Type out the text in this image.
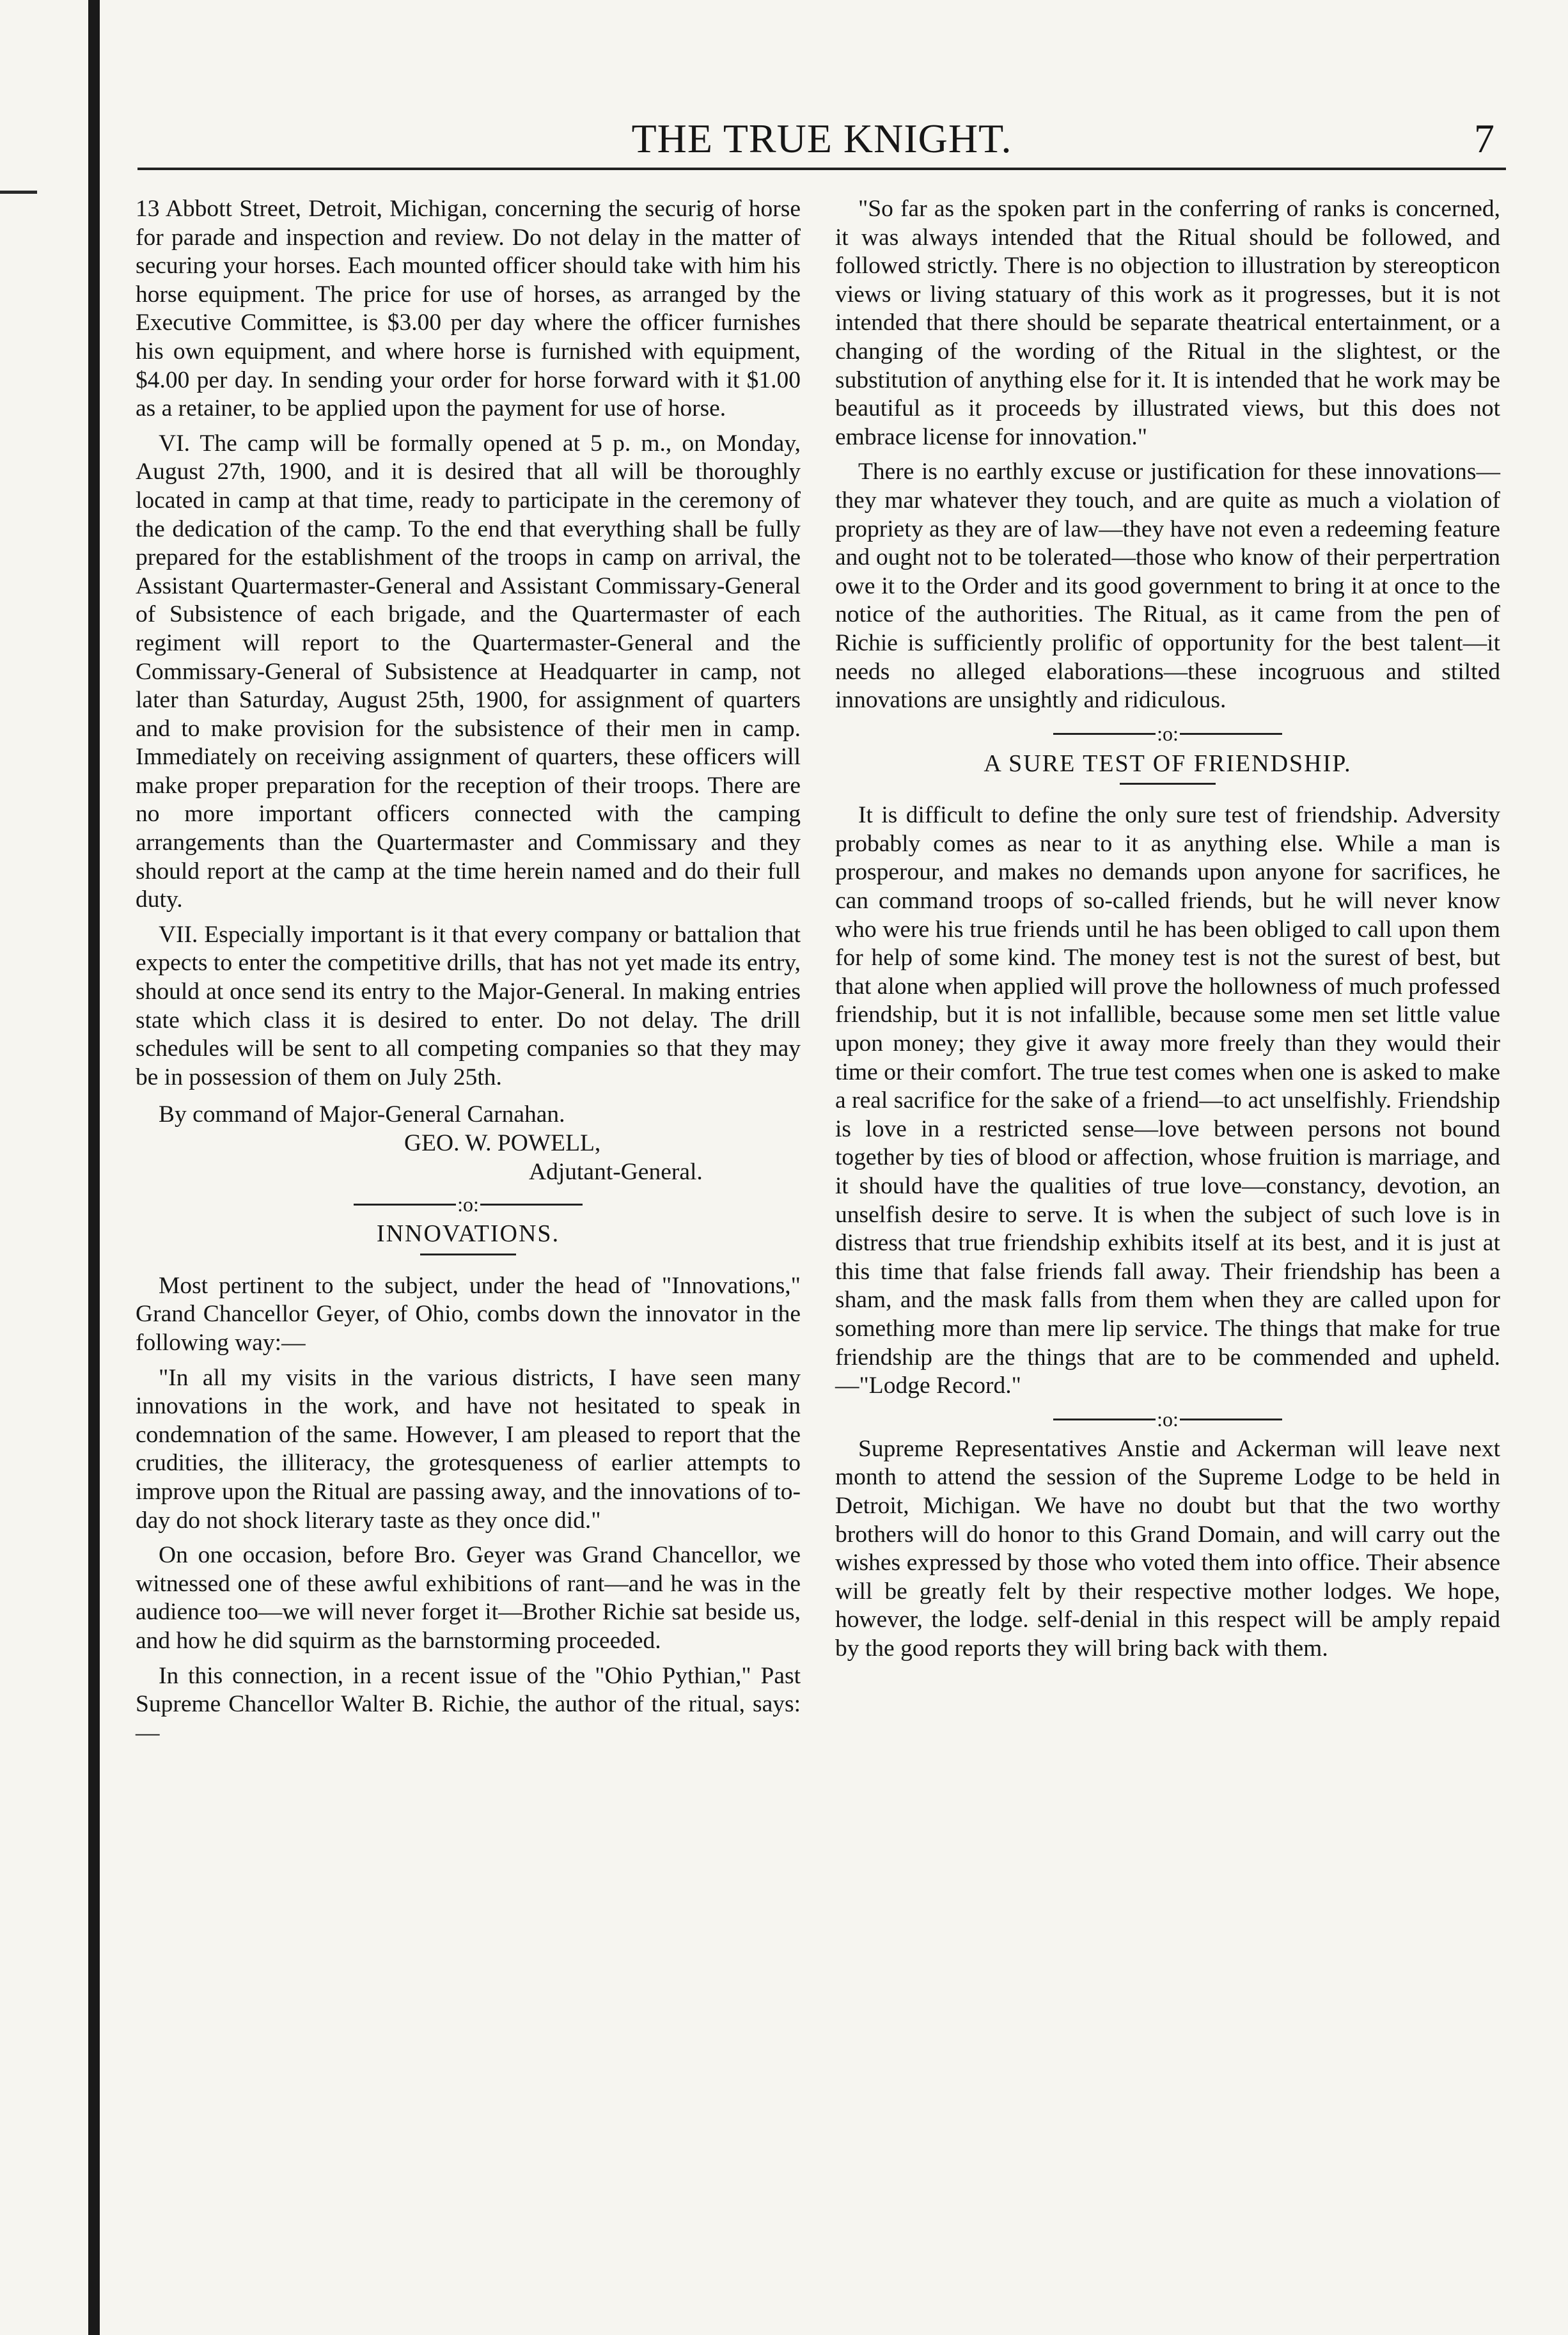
THE TRUE KNIGHT.	7

13 Abbott Street, Detroit, Michigan, concerning the securig of horse for parade and inspection and review. Do not delay in the matter of securing your horses. Each mounted officer should take with him his horse equipment. The price for use of horses, as arranged by the Executive Committee, is $3.00 per day where the officer furnishes his own equipment, and where horse is furnished with equipment, $4.00 per day. In sending your order for horse forward with it $1.00 as a retainer, to be applied upon the payment for use of horse.

VI. The camp will be formally opened at 5 p. m., on Monday, August 27th, 1900, and it is desired that all will be thoroughly located in camp at that time, ready to participate in the ceremony of the dedication of the camp. To the end that everything shall be fully prepared for the establishment of the troops in camp on arrival, the Assistant Quartermaster-General and Assistant Commissary-General of Subsistence of each brigade, and the Quartermaster of each regiment will report to the Quartermaster-General and the Commissary-General of Subsistence at Headquarter in camp, not later than Saturday, August 25th, 1900, for assignment of quarters and to make provision for the subsistence of their men in camp. Immediately on receiving assignment of quarters, these officers will make proper preparation for the reception of their troops. There are no more important officers connected with the camping arrangements than the Quartermaster and Commissary and they should report at the camp at the time herein named and do their full duty.

VII. Especially important is it that every company or battalion that expects to enter the competitive drills, that has not yet made its entry, should at once send its entry to the Major-General. In making entries state which class it is desired to enter. Do not delay. The drill schedules will be sent to all competing companies so that they may be in possession of them on July 25th.

By command of Major-General Carnahan.

GEO. W. POWELL,

Adjutant-General.

:o:
INNOVATIONS.

Most pertinent to the subject, under the head of "Innovations," Grand Chancellor Geyer, of Ohio, combs down the innovator in the following way:—

"In all my visits in the various districts, I have seen many innovations in the work, and have not hesitated to speak in condemnation of the same. However, I am pleased to report that the crudities, the illiteracy, the grotesqueness of earlier attempts to improve upon the Ritual are passing away, and the innovations of to-day do not shock literary taste as they once did."

On one occasion, before Bro. Geyer was Grand Chancellor, we witnessed one of these awful exhibitions of rant—and he was in the audience too—we will never forget it—Brother Richie sat beside us, and how he did squirm as the barnstorming proceeded.

In this connection, in a recent issue of the "Ohio Pythian," Past Supreme Chancellor Walter B. Richie, the author of the ritual, says:—

"So far as the spoken part in the conferring of ranks is concerned, it was always intended that the Ritual should be followed, and followed strictly. There is no objection to illustration by stereopticon views or living statuary of this work as it progresses, but it is not intended that there should be separate theatrical entertainment, or a changing of the wording of the Ritual in the slightest, or the substitution of anything else for it. It is intended that he work may be beautiful as it proceeds by illustrated views, but this does not embrace license for innovation."

There is no earthly excuse or justification for these innovations—they mar whatever they touch, and are quite as much a violation of propriety as they are of law—they have not even a redeeming feature and ought not to be tolerated—those who know of their perpertration owe it to the Order and its good government to bring it at once to the notice of the authorities. The Ritual, as it came from the pen of Richie is sufficiently prolific of opportunity for the best talent—it needs no alleged elaborations—these incogruous and stilted innovations are unsightly and ridiculous.

:o:
A SURE TEST OF FRIENDSHIP.

It is difficult to define the only sure test of friendship. Adversity probably comes as near to it as anything else. While a man is prosperour, and makes no demands upon anyone for sacrifices, he can command troops of so-called friends, but he will never know who were his true friends until he has been obliged to call upon them for help of some kind. The money test is not the surest of best, but that alone when applied will prove the hollowness of much professed friendship, but it is not infallible, because some men set little value upon money; they give it away more freely than they would their time or their comfort. The true test comes when one is asked to make a real sacrifice for the sake of a friend—to act unselfishly. Friendship is love in a restricted sense—love between persons not bound together by ties of blood or affection, whose fruition is marriage, and it should have the qualities of true love—constancy, devotion, an unselfish desire to serve. It is when the subject of such love is in distress that true friendship exhibits itself at its best, and it is just at this time that false friends fall away. Their friendship has been a sham, and the mask falls from them when they are called upon for something more than mere lip service. The things that make for true friendship are the things that are to be commended and upheld.—"Lodge Record."

:o:

Supreme Representatives Anstie and Ackerman will leave next month to attend the session of the Supreme Lodge to be held in Detroit, Michigan. We have no doubt but that the two worthy brothers will do honor to this Grand Domain, and will carry out the wishes expressed by those who voted them into office. Their absence will be greatly felt by their respective mother lodges. We hope, however, the lodge. self-denial in this respect will be amply repaid by the good reports they will bring back with them.
